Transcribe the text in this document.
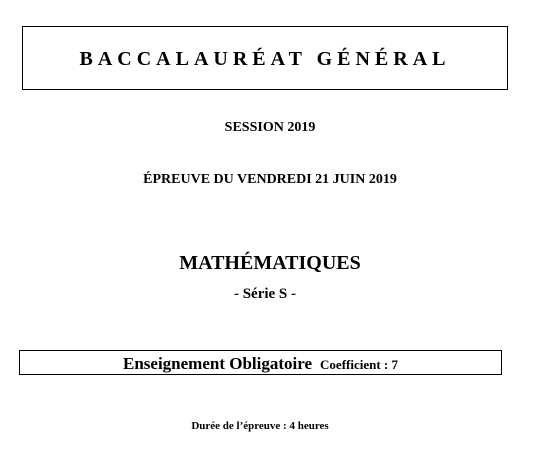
BACCALAURÉAT GÉNÉRAL
SESSION 2019
ÉPREUVE DU VENDREDI 21 JUIN 2019
MATHÉMATIQUES
- Série S -
Enseignement Obligatoire Coefficient : 7
Durée de l’épreuve : 4 heures
